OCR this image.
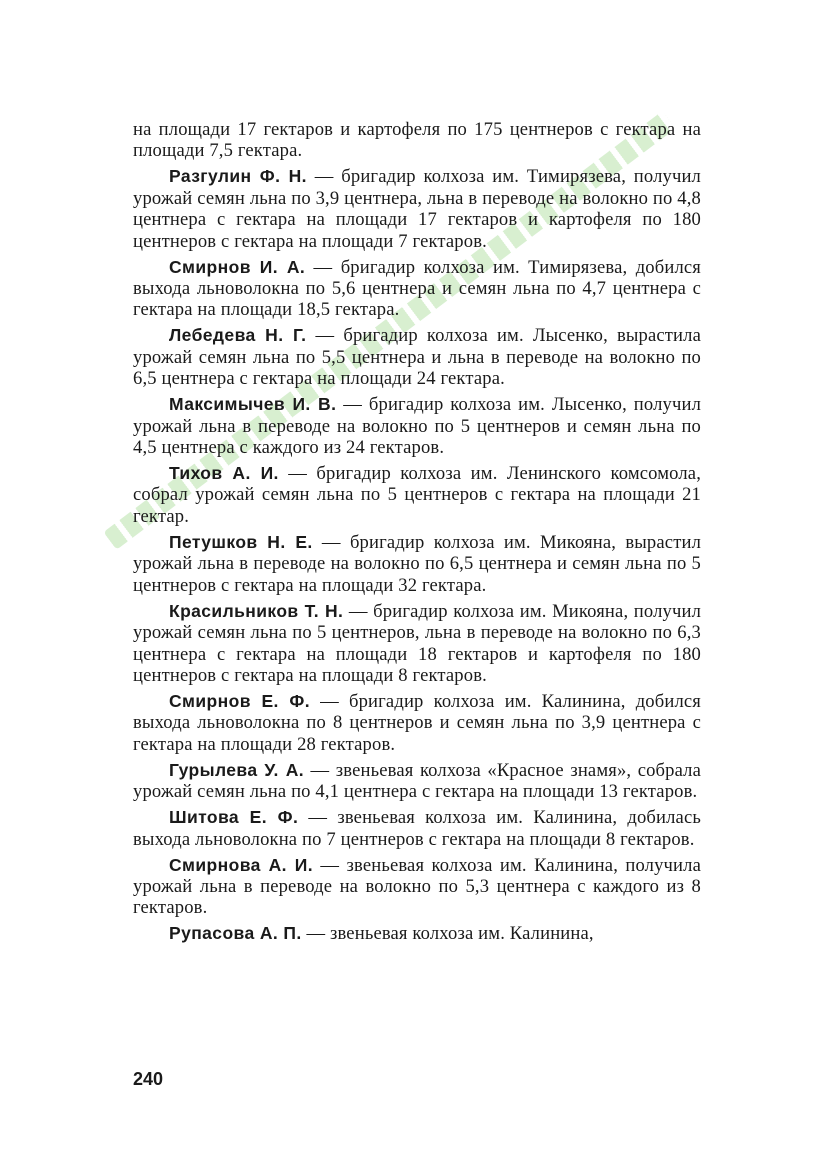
на площади 17 гектаров и картофеля по 175 центнеров с гектара на площади 7,5 гектара.

Разгулин Ф. Н. — бригадир колхоза им. Тимирязева, получил урожай семян льна по 3,9 центнера, льна в переводе на волокно по 4,8 центнера с гектара на площади 17 гектаров и картофеля по 180 центнеров с гектара на площади 7 гектаров.

Смирнов И. А. — бригадир колхоза им. Тимирязева, добился выхода льноволокна по 5,6 центнера и семян льна по 4,7 центнера с гектара на площади 18,5 гектара.

Лебедева Н. Г. — бригадир колхоза им. Лысенко, вырастила урожай семян льна по 5,5 центнера и льна в переводе на волокно по 6,5 центнера с гектара на площади 24 гектара.

Максимычев И. В. — бригадир колхоза им. Лысенко, получил урожай льна в переводе на волокно по 5 центнеров и семян льна по 4,5 центнера с каждого из 24 гектаров.

Тихов А. И. — бригадир колхоза им. Ленинского комсомола, собрал урожай семян льна по 5 центнеров с гектара на площади 21 гектар.

Петушков Н. Е. — бригадир колхоза им. Микояна, вырастил урожай льна в переводе на волокно по 6,5 центнера и семян льна по 5 центнеров с гектара на площади 32 гектара.

Красильников Т. Н. — бригадир колхоза им. Микояна, получил урожай семян льна по 5 центнеров, льна в переводе на волокно по 6,3 центнера с гектара на площади 18 гектаров и картофеля по 180 центнеров с гектара на площади 8 гектаров.

Смирнов Е. Ф. — бригадир колхоза им. Калинина, добился выхода льноволокна по 8 центнеров и семян льна по 3,9 центнера с гектара на площади 28 гектаров.

Гурылева У. А. — звеньевая колхоза «Красное знамя», собрала урожай семян льна по 4,1 центнера с гектара на площади 13 гектаров.

Шитова Е. Ф. — звеньевая колхоза им. Калинина, добилась выхода льноволокна по 7 центнеров с гектара на площади 8 гектаров.

Смирнова А. И. — звеньевая колхоза им. Калинина, получила урожай льна в переводе на волокно по 5,3 центнера с каждого из 8 гектаров.

Рупасова А. П. — звеньевая колхоза им. Калинина,

240
